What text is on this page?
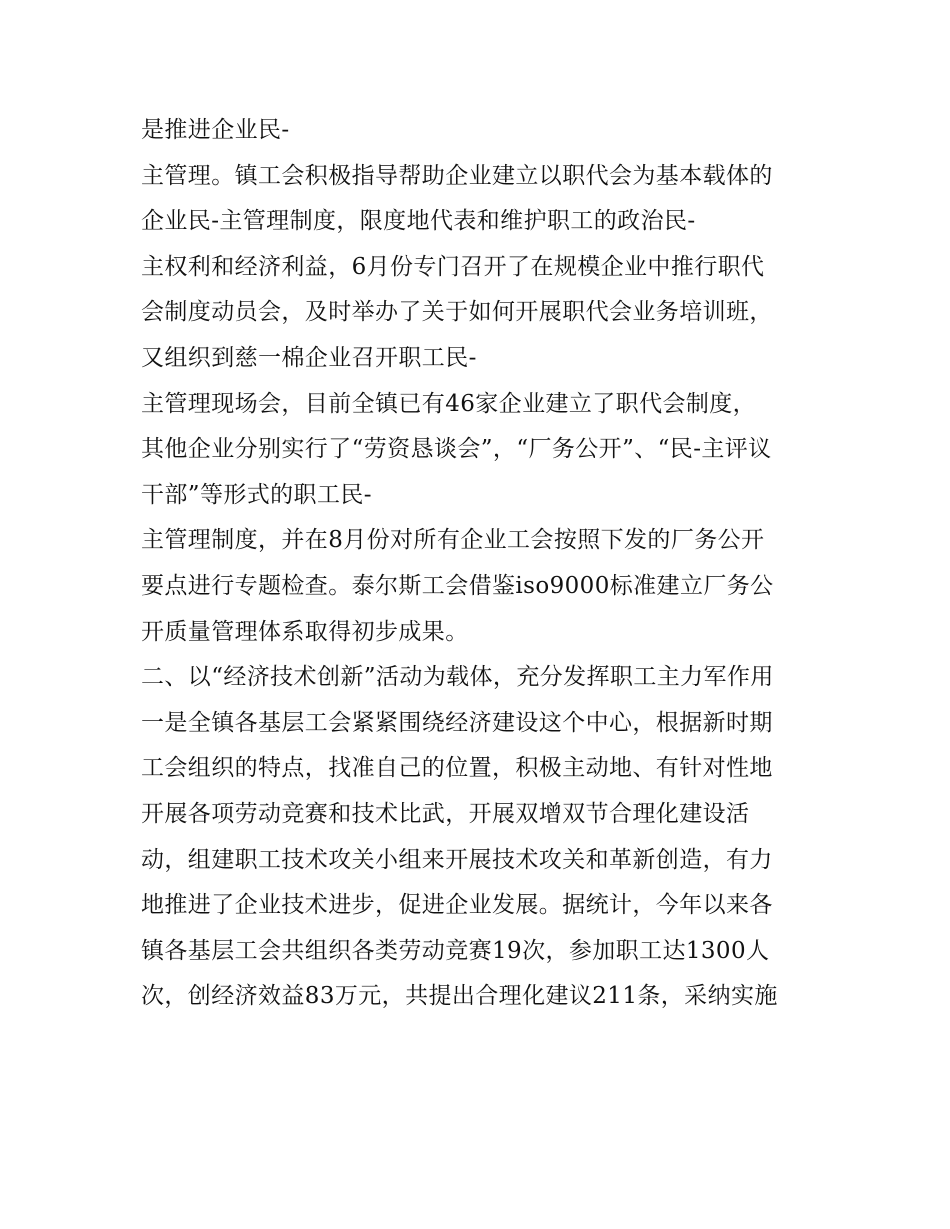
是推进企业民-

主管理。镇工会积极指导帮助企业建立以职代会为基本载体的

企业民-主管理制度，限度地代表和维护职工的政治民-

主权利和经济利益，6月份专门召开了在规模企业中推行职代

会制度动员会，及时举办了关于如何开展职代会业务培训班，

又组织到慈一棉企业召开职工民-

主管理现场会，目前全镇已有46家企业建立了职代会制度，

其他企业分别实行了“劳资恳谈会”，“厂务公开”、“民-主评议

干部”等形式的职工民-

主管理制度，并在8月份对所有企业工会按照下发的厂务公开

要点进行专题检查。泰尔斯工会借鉴iso9000标准建立厂务公

开质量管理体系取得初步成果。

二、以“经济技术创新”活动为载体，充分发挥职工主力军作用

一是全镇各基层工会紧紧围绕经济建设这个中心，根据新时期

工会组织的特点，找准自己的位置，积极主动地、有针对性地

开展各项劳动竞赛和技术比武，开展双增双节合理化建设活

动，组建职工技术攻关小组来开展技术攻关和革新创造，有力

地推进了企业技术进步，促进企业发展。据统计，今年以来各

镇各基层工会共组织各类劳动竞赛19次，参加职工达1300人

次，创经济效益83万元，共提出合理化建议211条，采纳实施
